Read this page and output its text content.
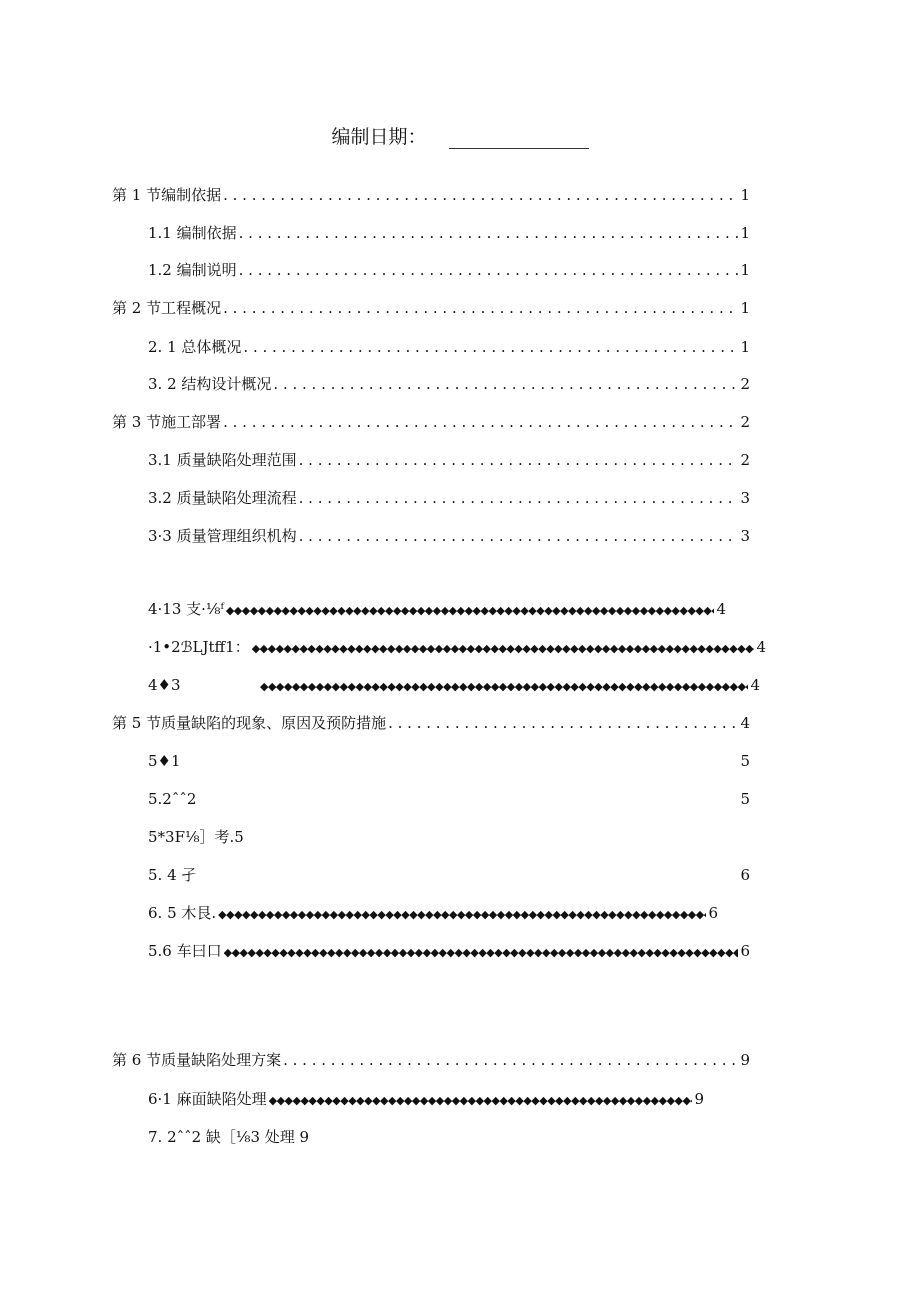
编制日期：
第 1 节编制依据 . . .	1
1.1 编制依据 . . .	1
1.2 编制说明 . . .	1
第 2 节工程概况 . . .	1
2. 1 总体概况 . . .	1
3. 2 结构设计概况 . . .	2
第 3 节施工部署 . . .	2
3.1 质量缺陷处理范围 . . .	2
3.2 质量缺陷处理流程 . . .	3
3·3 质量管理组织机构 . . .	3
4·13 支·⅛ᶠ ◆◆◆◆◆◆◆◆◆◆◆◆◆◆◆◆◆◆◆◆◆◆◆◆◆◆◆◆◆◆◆◆◆◆◆◆◆◆◆◆◆◆◆◆◆◆◆◆◆◆◆◆◆◆◆◆◆◆◆◆◆◆◆◆◆◆◆◆◆◆◆◆◆◆◆◆◆◆◆◆◆◆	4
·1•2ℬLJtff1： ◆◆◆◆◆◆◆◆◆◆◆◆◆◆◆◆◆◆◆◆◆◆◆◆◆◆◆◆◆◆◆◆◆◆◆◆◆◆◆◆◆◆◆◆◆◆◆◆◆◆◆◆◆◆◆◆◆◆◆◆◆◆◆◆◆◆◆◆◆◆◆◆◆◆◆◆◆◆◆◆◆◆	4
4♦3 ◆◆◆◆◆◆◆◆◆◆◆◆◆◆◆◆◆◆◆◆◆◆◆◆◆◆◆◆◆◆◆◆◆◆◆◆◆◆◆◆◆◆◆◆◆◆◆◆◆◆◆◆◆◆◆◆◆◆◆◆◆◆◆◆◆◆◆◆◆◆◆◆◆◆◆◆◆◆◆◆◆◆	4
第 5 节质量缺陷的现象、原因及预防措施 . . .	4
5♦1	5
5.2ˆˆ2	5
5*3F⅛］考.5
5. 4 孑	6
6. 5 木艮. ◆◆◆◆◆◆◆◆◆◆◆◆◆◆◆◆◆◆◆◆◆◆◆◆◆◆◆◆◆◆◆◆◆◆◆◆◆◆◆◆◆◆◆◆◆◆◆◆◆◆◆◆◆◆◆◆◆◆◆◆◆◆◆◆◆◆◆◆◆◆◆◆◆◆◆◆◆◆◆◆◆◆	6
5.6 车曰口 ◆◆◆◆◆◆◆◆◆◆◆◆◆◆◆◆◆◆◆◆◆◆◆◆◆◆◆◆◆◆◆◆◆◆◆◆◆◆◆◆◆◆◆◆◆◆◆◆◆◆◆◆◆◆◆◆◆◆◆◆◆◆◆◆◆◆◆◆◆◆◆◆◆◆◆◆◆◆◆◆◆◆	6
第 6 节质量缺陷处理方案 . . .	9
6·1 麻面缺陷处理 ◆◆◆◆◆◆◆◆◆◆◆◆◆◆◆◆◆◆◆◆◆◆◆◆◆◆◆◆◆◆◆◆◆◆◆◆◆◆◆◆◆◆◆◆◆◆◆◆◆◆◆◆◆◆◆◆◆◆◆◆◆◆◆◆◆◆◆◆◆◆◆◆◆◆◆◆◆◆◆◆◆◆	9
7. 2ˆˆ2 缺［⅛3 处理 9
